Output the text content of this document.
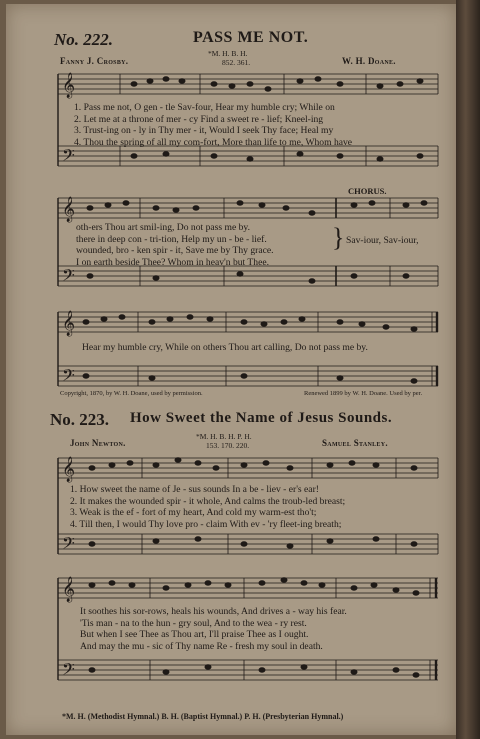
No. 222.	PASS ME NOT.
Fanny J. Crosby.
*M. H. B. H.
852. 361.	W. H. Doane.
𝄞
𝄢
1. Pass me not, O gen - tle Sav-four, Hear my humble cry; While on
2. Let me at a throne of mer - cy Find a sweet re - lief; Kneel-ing
3. Trust-ing on - ly in Thy mer - it, Would I seek Thy face; Heal my
4. Thou the spring of all my com-fort, More than life to me, Whom have
CHORUS.
𝄞
𝄢
oth-ers Thou art smil-ing, Do not pass me by.
there in deep con - tri-tion, Help my un - be - lief.
wounded, bro - ken spir - it, Save me by Thy grace.
I on earth beside Thee? Whom in heav'n but Thee.
} Sav-iour, Sav-iour,
𝄞
𝄢
Hear my humble cry, While on others Thou art calling, Do not pass me by.
Copyright, 1870, by W. H. Doane, used by permission.	Renewed 1899 by W. H. Doane. Used by per.
No. 223. How Sweet the Name of Jesus Sounds.
John Newton.
*M. H. B. H. P. H.
153. 170. 220.	Samuel Stanley.
𝄞
𝄢
1. How sweet the name of Je - sus sounds In a be - liev - er's ear!
2. It makes the wounded spir - it whole, And calms the troub-led breast;
3. Weak is the ef - fort of my heart, And cold my warm-est tho't;
4. Till then, I would Thy love pro - claim With ev - 'ry fleet-ing breath;
𝄞
𝄢
It soothes his sor-rows, heals his wounds, And drives a - way his fear.
'Tis man - na to the hun - gry soul, And to the wea - ry rest.
But when I see Thee as Thou art, I'll praise Thee as I ought.
And may the mu - sic of Thy name Re - fresh my soul in death.
*M. H. (Methodist Hymnal.) B. H. (Baptist Hymnal.) P. H. (Presbyterian Hymnal.)
